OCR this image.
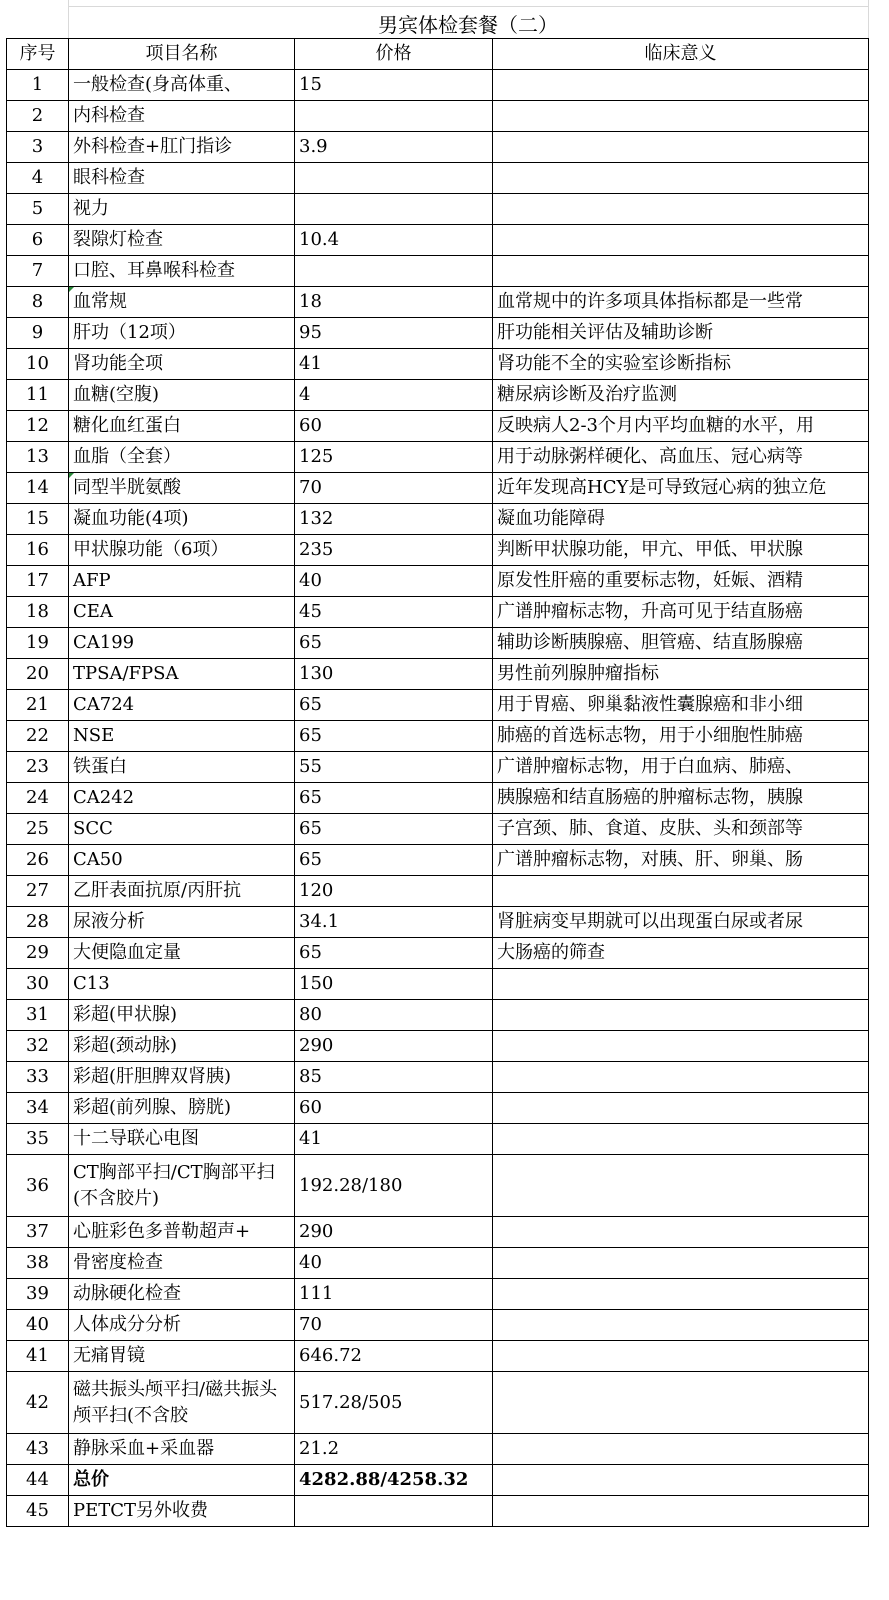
男宾体检套餐（二）
序号	项目名称	价格	临床意义
1	一般检查(身高体重、	15	
2	内科检查		
3	外科检查+肛门指诊	3.9	
4	眼科检查		
5	视力		
6	裂隙灯检查	10.4	
7	口腔、耳鼻喉科检查		
8	血常规	18	血常规中的许多项具体指标都是一些常
9	肝功（12项）	95	肝功能相关评估及辅助诊断
10	肾功能全项	41	肾功能不全的实验室诊断指标
11	血糖(空腹)	4	糖尿病诊断及治疗监测
12	糖化血红蛋白	60	反映病人2-3个月内平均血糖的水平，用
13	血脂（全套）	125	用于动脉粥样硬化、高血压、冠心病等
14	同型半胱氨酸	70	近年发现高HCY是可导致冠心病的独立危
15	凝血功能(4项)	132	凝血功能障碍
16	甲状腺功能（6项）	235	判断甲状腺功能，甲亢、甲低、甲状腺
17	AFP	40	原发性肝癌的重要标志物，妊娠、酒精
18	CEA	45	广谱肿瘤标志物，升高可见于结直肠癌
19	CA199	65	辅助诊断胰腺癌、胆管癌、结直肠腺癌
20	TPSA/FPSA	130	男性前列腺肿瘤指标
21	CA724	65	用于胃癌、卵巢黏液性囊腺癌和非小细
22	NSE	65	肺癌的首选标志物，用于小细胞性肺癌
23	铁蛋白	55	广谱肿瘤标志物，用于白血病、肺癌、
24	CA242	65	胰腺癌和结直肠癌的肿瘤标志物，胰腺
25	SCC	65	子宫颈、肺、食道、皮肤、头和颈部等
26	CA50	65	广谱肿瘤标志物，对胰、肝、卵巢、肠
27	乙肝表面抗原/丙肝抗	120	
28	尿液分析	34.1	肾脏病变早期就可以出现蛋白尿或者尿
29	大便隐血定量	65	大肠癌的筛查
30	C13	150	
31	彩超(甲状腺)	80	
32	彩超(颈动脉)	290	
33	彩超(肝胆脾双肾胰)	85	
34	彩超(前列腺、膀胱)	60	
35	十二导联心电图	41	
36	CT胸部平扫/CT胸部平扫(不含胶片)	192.28/180	
37	心脏彩色多普勒超声+	290	
38	骨密度检查	40	
39	动脉硬化检查	111	
40	人体成分分析	70	
41	无痛胃镜	646.72	
42	磁共振头颅平扫/磁共振头颅平扫(不含胶	517.28/505	
43	静脉采血+采血器	21.2	
44	总价	4282.88/4258.32	
45	PETCT另外收费		
